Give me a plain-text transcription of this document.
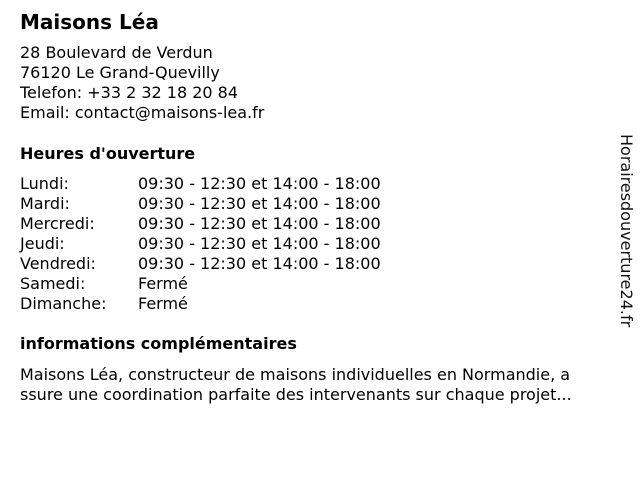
Maisons Léa
28 Boulevard de Verdun
76120 Le Grand-Quevilly
Telefon: +33 2 32 18 20 84
Email: contact@maisons-lea.fr
Heures d'ouverture
Lundi:	09:30 - 12:30 et 14:00 - 18:00
Mardi:	09:30 - 12:30 et 14:00 - 18:00
Mercredi:	09:30 - 12:30 et 14:00 - 18:00
Jeudi:	09:30 - 12:30 et 14:00 - 18:00
Vendredi:	09:30 - 12:30 et 14:00 - 18:00
Samedi:	Fermé
Dimanche:	Fermé
informations complémentaires
Maisons Léa, constructeur de maisons individuelles en Normandie, a
ssure une coordination parfaite des intervenants sur chaque projet...
Horairesdouverture24.fr
